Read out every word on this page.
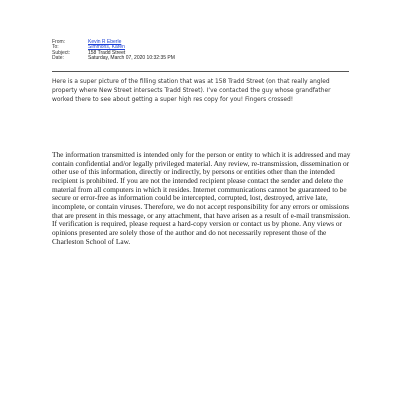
From:	Kevin R Eberle
To:	Simmons, Karen
Subject:	158 Tradd Street
Date:	Saturday, March 07, 2020 10:32:35 PM

Here is a super picture of the filling station that was at 158 Tradd Street (on that really angled property where New Street intersects Tradd Street). I’ve contacted the guy whose grandfather worked there to see about getting a super high res copy for you! Fingers crossed!

The information transmitted is intended only for the person or entity to which it is addressed and may contain confidential and/or legally privileged material. Any review, re-transmission, dissemination or other use of this information, directly or indirectly, by persons or entities other than the intended recipient is prohibited. If you are not the intended recipient please contact the sender and delete the material from all computers in which it resides. Internet communications cannot be guaranteed to be secure or error-free as information could be intercepted, corrupted, lost, destroyed, arrive late, incomplete, or contain viruses. Therefore, we do not accept responsibility for any errors or omissions that are present in this message, or any attachment, that have arisen as a result of e-mail transmission. If verification is required, please request a hard-copy version or contact us by phone. Any views or opinions presented are solely those of the author and do not necessarily represent those of the Charleston School of Law.
